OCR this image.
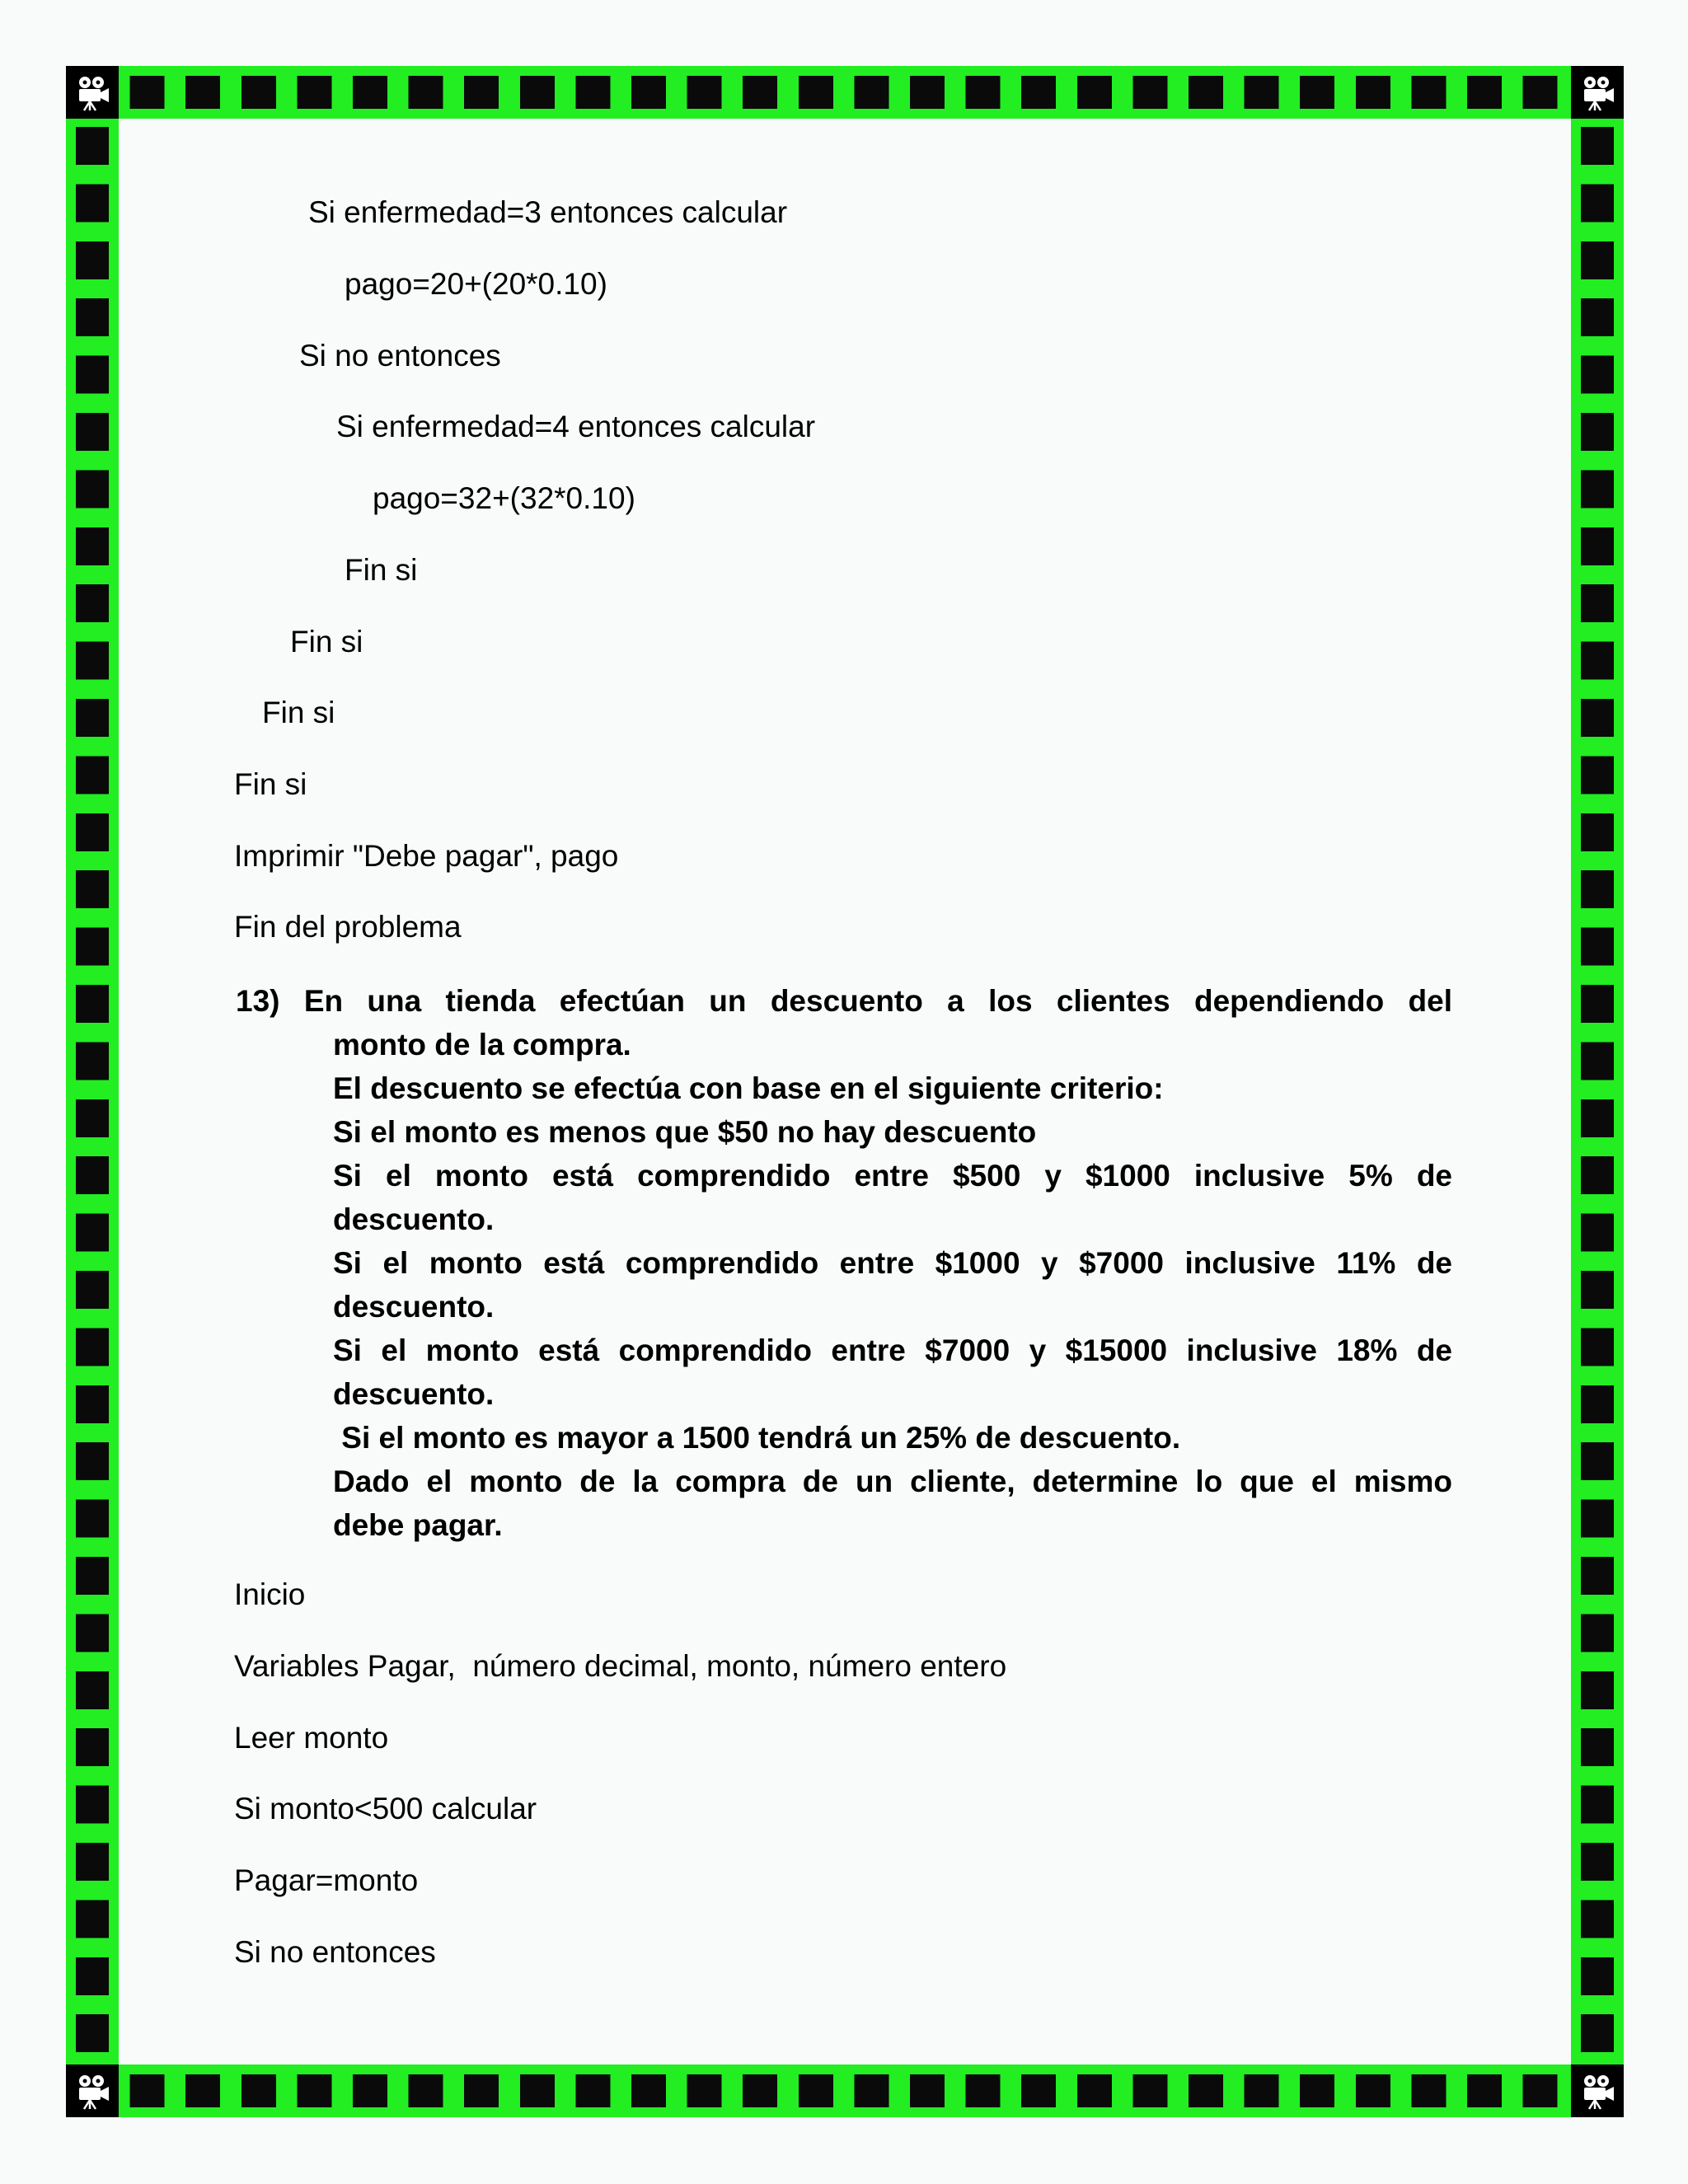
Si enfermedad=3 entonces calcular
pago=20+(20*0.10)
Si no entonces
Si enfermedad=4 entonces calcular
pago=32+(32*0.10)
Fin si
Fin si
Fin si
Fin si
Imprimir "Debe pagar", pago
Fin del problema
13) En una tienda efectúan un descuento a los clientes dependiendo del
monto de la compra.
El descuento se efectúa con base en el siguiente criterio:
Si el monto es menos que $50 no hay descuento
Si el monto está comprendido entre $500 y $1000 inclusive 5% de
descuento.
Si el monto está comprendido entre $1000 y $7000 inclusive 11% de
descuento.
Si el monto está comprendido entre $7000 y $15000 inclusive 18% de
descuento.
Si el monto es mayor a 1500 tendrá un 25% de descuento.
Dado el monto de la compra de un cliente, determine lo que el mismo
debe pagar.
Inicio
Variables Pagar,  número decimal, monto, número entero
Leer monto
Si monto<500 calcular
Pagar=monto
Si no entonces
